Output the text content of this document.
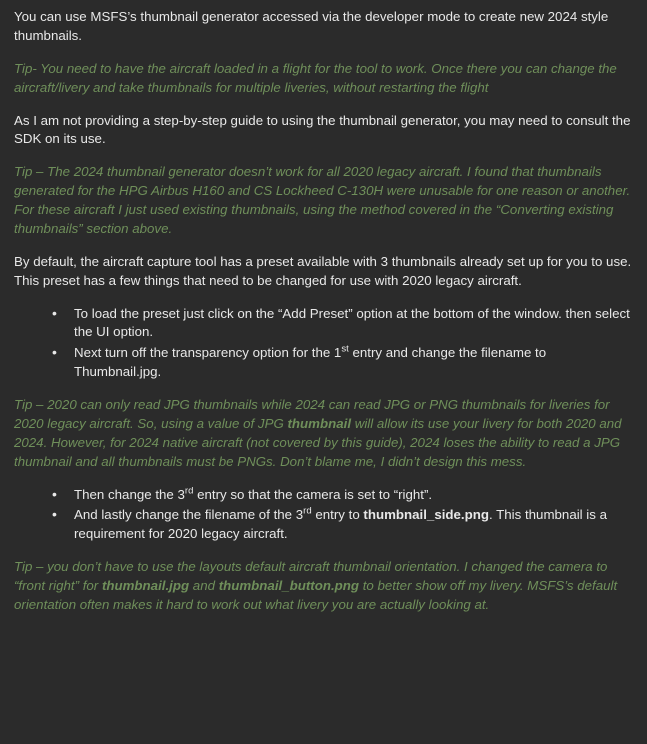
You can use MSFS’s thumbnail generator accessed via the developer mode to create new 2024 style thumbnails.

Tip- You need to have the aircraft loaded in a flight for the tool to work. Once there you can change the aircraft/livery and take thumbnails for multiple liveries, without restarting the flight

As I am not providing a step-by-step guide to using the thumbnail generator, you may need to consult the SDK on its use.

Tip – The 2024 thumbnail generator doesn’t work for all 2020 legacy aircraft. I found that thumbnails generated for the HPG Airbus H160 and CS Lockheed C-130H were unusable for one reason or another. For these aircraft I just used existing thumbnails, using the method covered in the “Converting existing thumbnails” section above.

By default, the aircraft capture tool has a preset available with 3 thumbnails already set up for you to use. This preset has a few things that need to be changed for use with 2020 legacy aircraft.

• To load the preset just click on the “Add Preset” option at the bottom of the window. then select the UI option.
• Next turn off the transparency option for the 1st entry and change the filename to Thumbnail.jpg.

Tip – 2020 can only read JPG thumbnails while 2024 can read JPG or PNG thumbnails for liveries for 2020 legacy aircraft. So, using a value of JPG thumbnail will allow its use your livery for both 2020 and 2024. However, for 2024 native aircraft (not covered by this guide), 2024 loses the ability to read a JPG thumbnail and all thumbnails must be PNGs. Don’t blame me, I didn’t design this mess.

• Then change the 3rd entry so that the camera is set to “right”.
• And lastly change the filename of the 3rd entry to thumbnail_side.png. This thumbnail is a requirement for 2020 legacy aircraft.

Tip – you don’t have to use the layouts default aircraft thumbnail orientation. I changed the camera to “front right” for thumbnail.jpg and thumbnail_button.png to better show off my livery. MSFS’s default orientation often makes it hard to work out what livery you are actually looking at.
